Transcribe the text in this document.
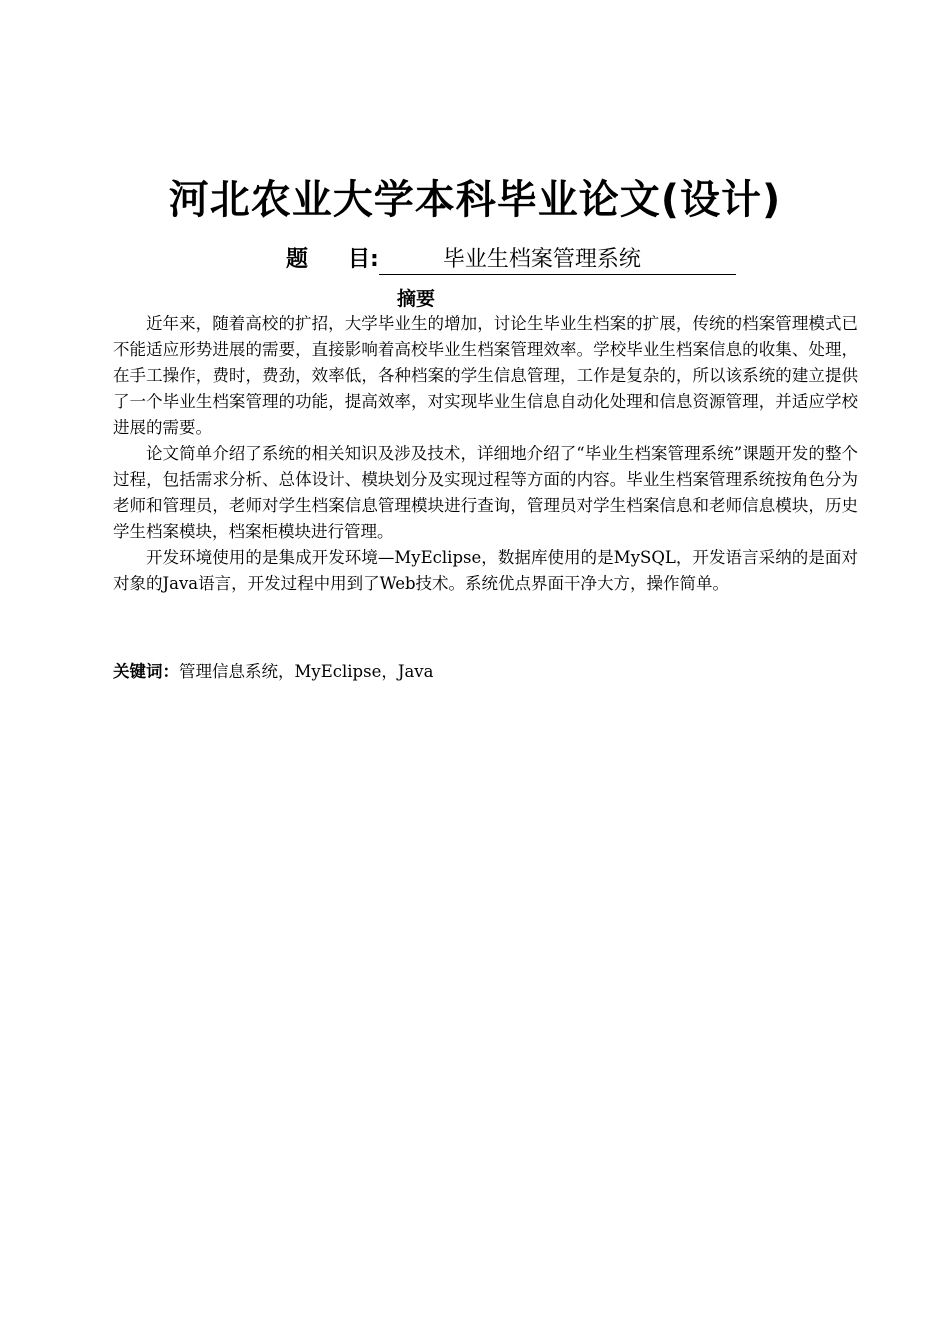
河北农业大学本科毕业论文(设计)
题 目:	毕业生档案管理系统
摘要

近年来，随着高校的扩招，大学毕业生的增加，讨论生毕业生档案的扩展，传统的档案管理模式已不能适应形势进展的需要，直接影响着高校毕业生档案管理效率。学校毕业生档案信息的收集、处理，在手工操作，费时，费劲，效率低，各种档案的学生信息管理，工作是复杂的，所以该系统的建立提供了一个毕业生档案管理的功能，提高效率，对实现毕业生信息自动化处理和信息资源管理，并适应学校进展的需要。

论文简单介绍了系统的相关知识及涉及技术，详细地介绍了“毕业生档案管理系统”课题开发的整个过程，包括需求分析、总体设计、模块划分及实现过程等方面的内容。毕业生档案管理系统按角色分为老师和管理员，老师对学生档案信息管理模块进行查询，管理员对学生档案信息和老师信息模块，历史学生档案模块，档案柜模块进行管理。

开发环境使用的是集成开发环境—MyEclipse，数据库使用的是MySQL，开发语言采纳的是面对对象的Java语言，开发过程中用到了Web技术。系统优点界面干净大方，操作简单。

关键词：管理信息系统，MyEclipse，Java
